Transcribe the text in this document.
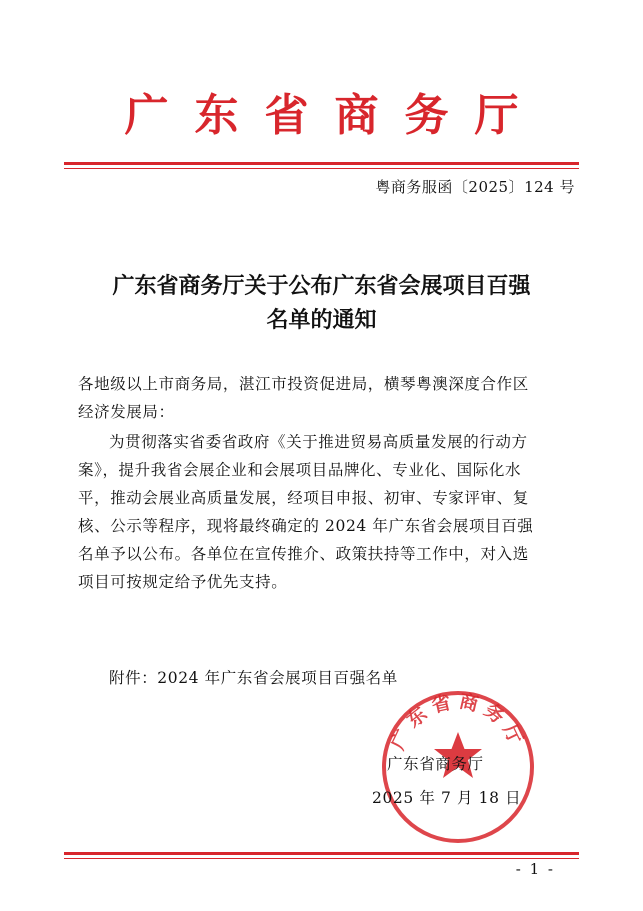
广东省商务厅
粤商务服函〔2025〕124 号
广东省商务厅关于公布广东省会展项目百强
名单的通知
各地级以上市商务局，湛江市投资促进局，横琴粤澳深度合作区
经济发展局：
为贯彻落实省委省政府《关于推进贸易高质量发展的行动方
案》，提升我省会展企业和会展项目品牌化、专业化、国际化水
平，推动会展业高质量发展，经项目申报、初审、专家评审、复
核、公示等程序，现将最终确定的 2024 年广东省会展项目百强
名单予以公布。各单位在宣传推介、政策扶持等工作中，对入选
项目可按规定给予优先支持。
附件：2024 年广东省会展项目百强名单
广东省商务厅
广东省商务厅
2025 年 7 月 18 日
- 1 -
